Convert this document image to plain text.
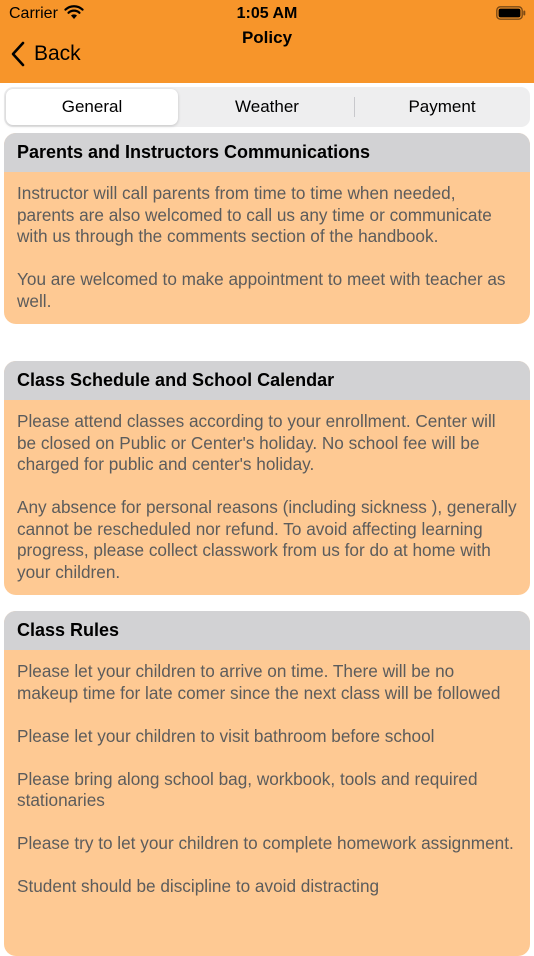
Carrier	1:05 AM
Policy
Back
General	Weather	Payment
Parents and Instructors Communications

Instructor will call parents from time to time when needed, parents are also welcomed to call us any time or communicate with us through the comments section of the handbook.

You are welcomed to make appointment to meet with teacher as well.

Class Schedule and School Calendar

Please attend classes according to your enrollment. Center will be closed on Public or Center's holiday. No school fee will be charged for public and center's holiday.

Any absence for personal reasons (including sickness ), generally cannot be rescheduled nor refund. To avoid affecting learning progress, please collect classwork from us for do at home with your children.

Class Rules

Please let your children to arrive on time. There will be no makeup time for late comer since the next class will be followed

Please let your children to visit bathroom before school

Please bring along school bag, workbook, tools and required stationaries

Please try to let your children to complete homework assignment.

Student should be discipline to avoid distracting
